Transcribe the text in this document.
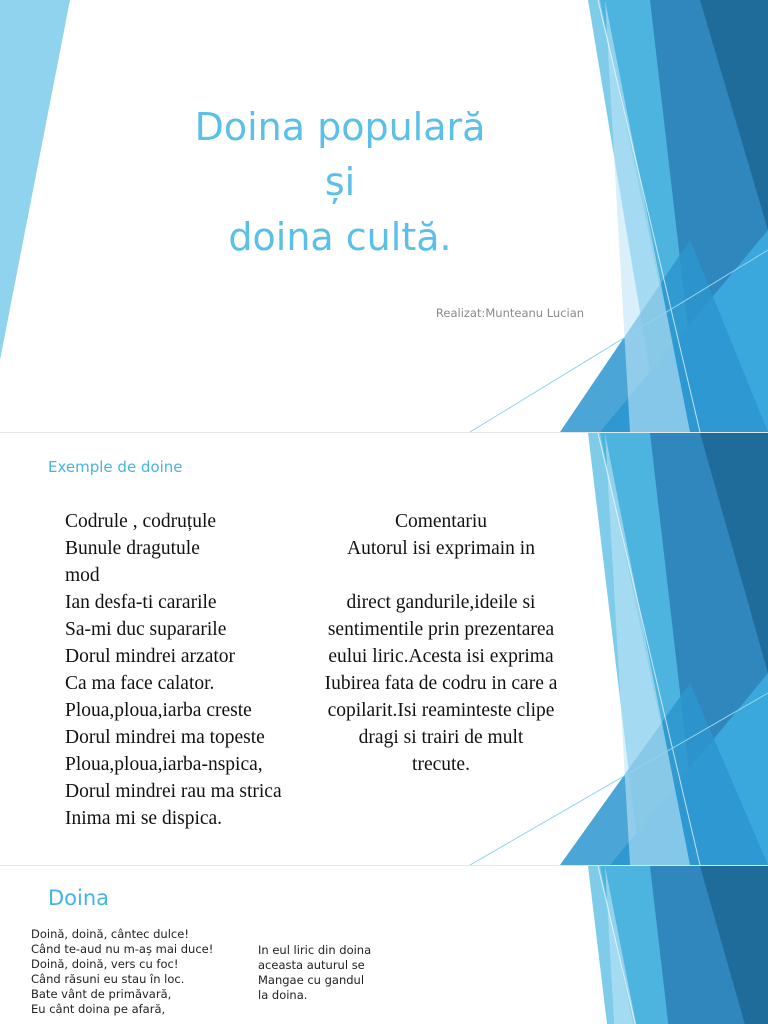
Doina populară
și
doina cultă.
Realizat:Munteanu Lucian
Exemple de doine
Codrule , codruțule
Bunule dragutule
mod
Ian desfa-ti cararile
Sa-mi duc supararile
Dorul mindrei arzator
Ca ma face calator.
Ploua,ploua,iarba creste
Dorul mindrei ma topeste
Ploua,ploua,iarba-nspica,
Dorul mindrei rau ma strica
Inima mi se dispica.
Comentariu
Autorul isi exprimain in

direct gandurile,ideile si
sentimentile prin prezentarea
eului liric.Acesta isi exprima
Iubirea fata de codru in care a
copilarit.Isi reaminteste clipe
dragi si trairi de mult
trecute.
Doina
Doină, doină, cântec dulce!
Când te-aud nu m-aș mai duce!
Doină, doină, vers cu foc!
Când răsuni eu stau în loc.
Bate vânt de primăvară,
Eu cânt doina pe afară,
In eul liric din doina
aceasta auturul se
Mangae cu gandul
la doina.
